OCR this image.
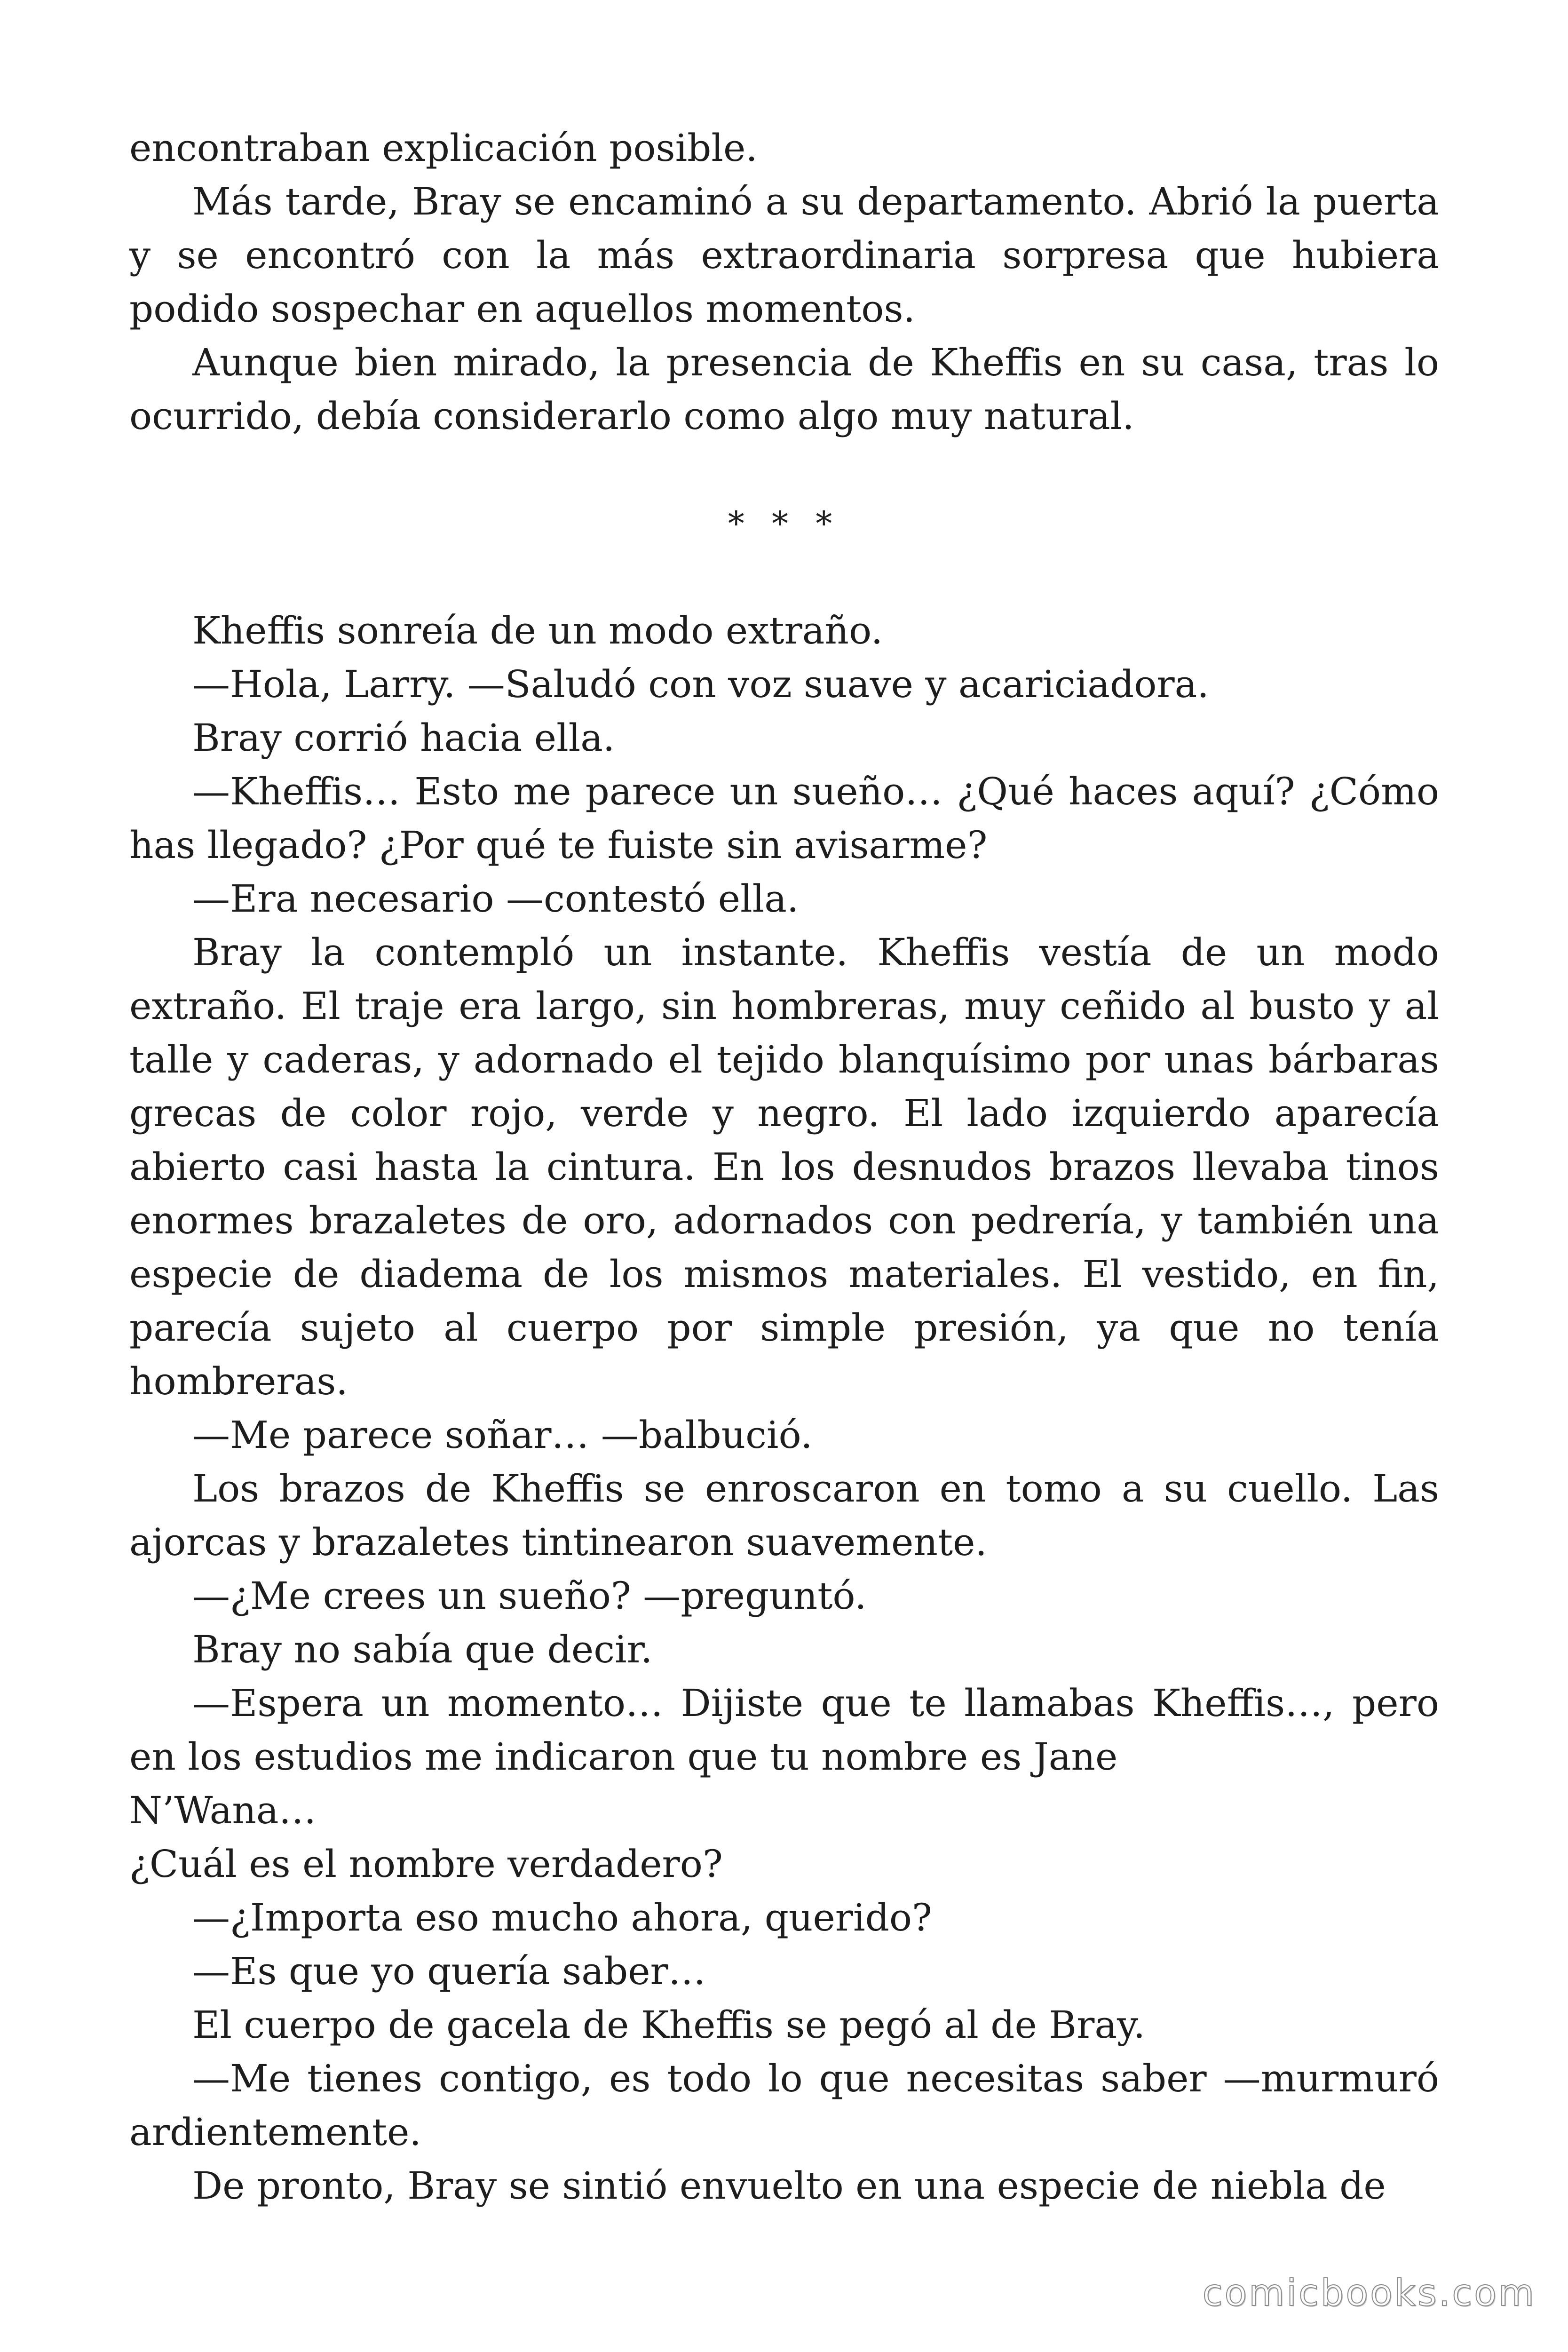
encontraban explicación posible.

Más tarde, Bray se encaminó a su departamento. Abrió la puerta y se encontró con la más extraordinaria sorpresa que hubiera podido sospechar en aquellos momentos.

Aunque bien mirado, la presencia de Kheffis en su casa, tras lo ocurrido, debía considerarlo como algo muy natural.

* * *

Kheffis sonreía de un modo extraño.

—Hola, Larry. —Saludó con voz suave y acariciadora.

Bray corrió hacia ella.

—Kheffis… Esto me parece un sueño… ¿Qué haces aquí? ¿Cómo has llegado? ¿Por qué te fuiste sin avisarme?

—Era necesario —contestó ella.

Bray la contempló un instante. Kheffis vestía de un modo extraño. El traje era largo, sin hombreras, muy ceñido al busto y al talle y caderas, y adornado el tejido blanquísimo por unas bárbaras grecas de color rojo, verde y negro. El lado izquierdo aparecía abierto casi hasta la cintura. En los desnudos brazos llevaba tinos enormes brazaletes de oro, adornados con pedrería, y también una especie de diadema de los mismos materiales. El vestido, en fin, parecía sujeto al cuerpo por simple presión, ya que no tenía hombreras.

—Me parece soñar… —balbució.

Los brazos de Kheffis se enroscaron en tomo a su cuello. Las ajorcas y brazaletes tintinearon suavemente.

—¿Me crees un sueño? —preguntó.

Bray no sabía que decir.

—Espera un momento… Dijiste que te llamabas Kheffis…, pero en los estudios me indicaron que tu nombre es Jane

N’Wana…

¿Cuál es el nombre verdadero?

—¿Importa eso mucho ahora, querido?

—Es que yo quería saber…

El cuerpo de gacela de Kheffis se pegó al de Bray.

—Me tienes contigo, es todo lo que necesitas saber —murmuró ardientemente.

De pronto, Bray se sintió envuelto en una especie de niebla de

comicbooks.com
